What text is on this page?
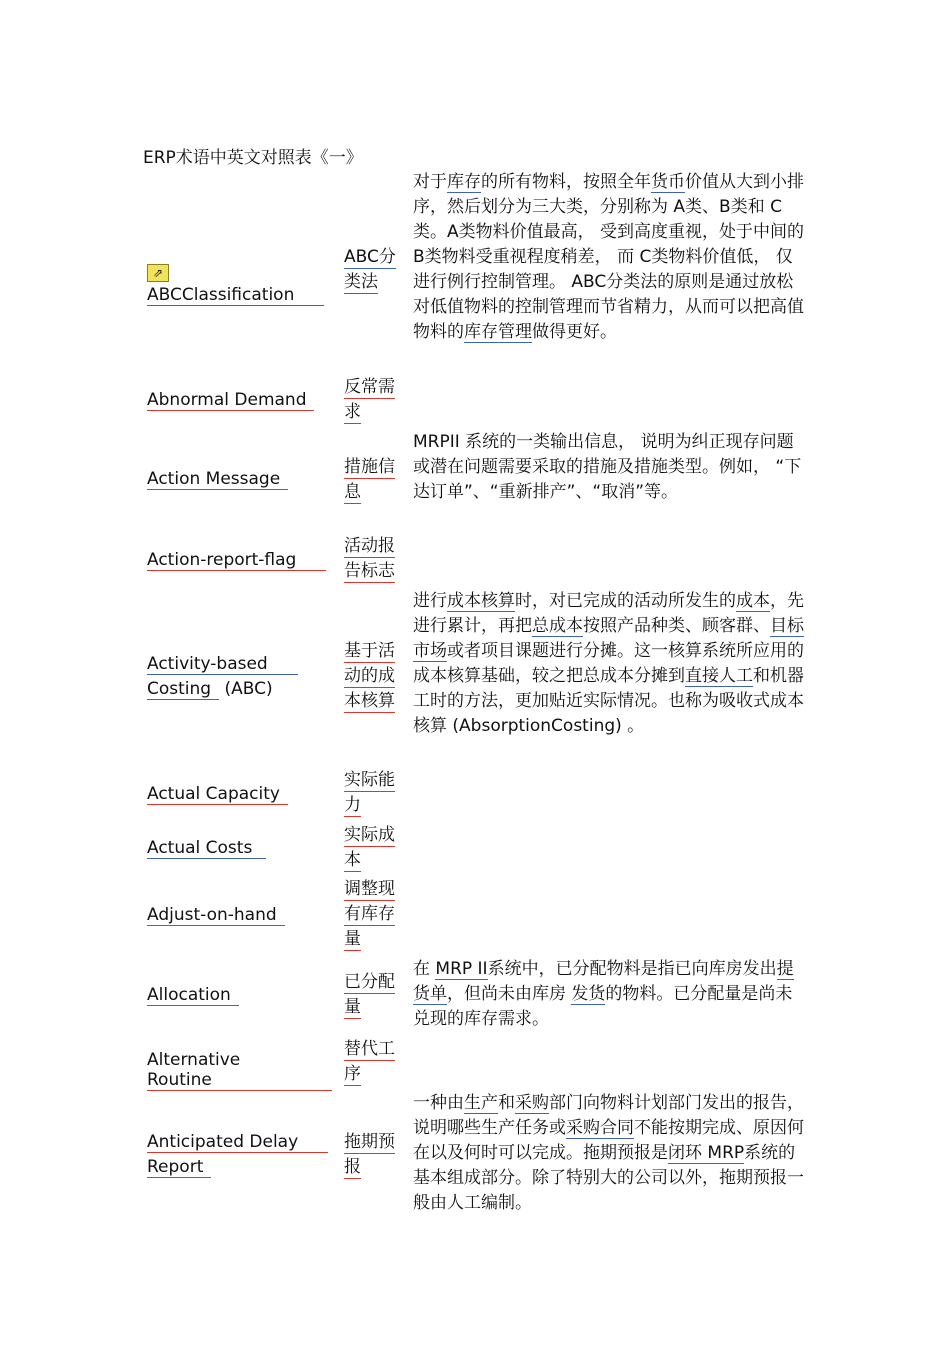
ERP术语中英文对照表《一》
⇗ABCClassification
ABC分
类法
对于库存的所有物料，按照全年货币价值从大到小排序，然后划分为三大类，分别称为 A类、B类和 C类。A类物料价值最高， 受到高度重视，处于中间的 B类物料受重视程度稍差， 而 C类物料价值低， 仅进行例行控制管理。 ABC分类法的原则是通过放松对低值物料的控制管理而节省精力，从而可以把高值物料的库存管理做得更好。
Abnormal Demand
反常需
求
Action Message
措施信
息
MRPII 系统的一类输出信息， 说明为纠正现存问题或潜在问题需要采取的措施及措施类型。例如， “下达订单”、“重新排产”、“取消”等。
Action-report-flag
活动报
告标志
Activity-based
Costing (ABC)
基于活
动的成
本核算
进行成本核算时，对已完成的活动所发生的成本，先进行累计，再把总成本按照产品种类、顾客群、目标市场或者项目课题进行分摊。这一核算系统所应用的成本核算基础，较之把总成本分摊到直接人工和机器工时的方法，更加贴近实际情况。也称为吸收式成本核算 (AbsorptionCosting) 。
Actual Capacity
实际能
力
Actual Costs
实际成
本
Adjust-on-hand
调整现
有库存
量
Allocation
已分配
量
在 MRP II系统中，已分配物料是指已向库房发出提货单，但尚未由库房 发货的物料。已分配量是尚未兑现的库存需求。
Alternative Routine
替代工
序
Anticipated Delay
Report
拖期预
报
一种由生产和采购部门向物料计划部门发出的报告，说明哪些生产任务或采购合同不能按期完成、原因何在以及何时可以完成。拖期预报是闭环 MRP系统的基本组成部分。除了特别大的公司以外，拖期预报一般由人工编制。
